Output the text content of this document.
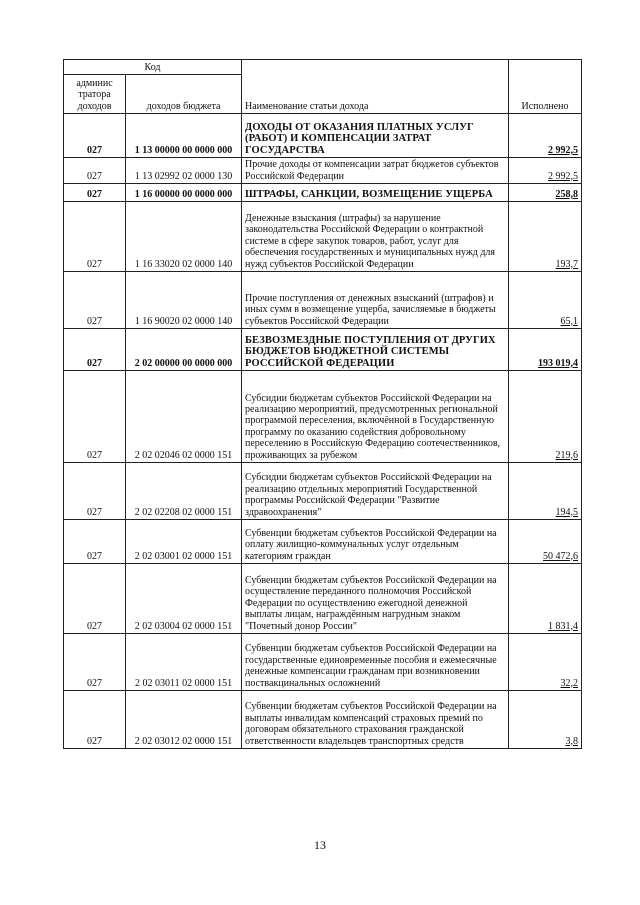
Код		Наименование статьи дохода	Исполнено
админис
тратора
доходов	доходов бюджета		
027	1 13 00000 00 0000 000	ДОХОДЫ ОТ ОКАЗАНИЯ ПЛАТНЫХ УСЛУГ (РАБОТ) И КОМПЕНСАЦИИ ЗАТРАТ ГОСУДАРСТВА	2 992,5
027	1 13 02992 02 0000 130	Прочие доходы от компенсации затрат бюджетов субъектов Российской Федерации	2 992,5
027	1 16 00000 00 0000 000	ШТРАФЫ, САНКЦИИ, ВОЗМЕЩЕНИЕ УЩЕРБА	258,8
027	1 16 33020 02 0000 140	Денежные взыскания (штрафы) за нарушение законодательства Российской Федерации о контрактной системе в сфере закупок товаров, работ, услуг для обеспечения государственных и муниципальных нужд для нужд субъектов Российской Федерации	193,7
027	1 16 90020 02 0000 140	Прочие поступления от денежных взысканий (штрафов) и иных сумм в возмещение ущерба, зачисляемые в бюджеты субъектов Российской Федерации	65,1
027	2 02 00000 00 0000 000	БЕЗВОЗМЕЗДНЫЕ ПОСТУПЛЕНИЯ ОТ ДРУГИХ БЮДЖЕТОВ БЮДЖЕТНОЙ СИСТЕМЫ РОССИЙСКОЙ ФЕДЕРАЦИИ	193 019,4
027	2 02 02046 02 0000 151	Субсидии бюджетам субъектов Российской Федерации на реализацию мероприятий, предусмотренных региональной программой переселения, включённой в Государственную программу по оказанию содействия добровольному переселению в Российскую Федерацию соотечественников, проживающих за рубежом	219,6
027	2 02 02208 02 0000 151	Субсидии бюджетам субъектов Российской Федерации на реализацию отдельных мероприятий Государственной программы Российской Федерации "Развитие здравоохранения"	194,5
027	2 02 03001 02 0000 151	Субвенции бюджетам субъектов Российской Федерации на оплату жилищно-коммунальных услуг отдельным категориям граждан	50 472,6
027	2 02 03004 02 0000 151	Субвенции бюджетам субъектов Российской Федерации на осуществление переданного полномочия Российской Федерации по осуществлению ежегодной денежной выплаты лицам, награждённым нагрудным знаком "Почетный донор России"	1 831,4
027	2 02 03011 02 0000 151	Субвенции бюджетам субъектов Российской Федерации на государственные единовременные пособия и ежемесячные денежные компенсации гражданам при возникновении поствакцинальных осложнений	32,2
027	2 02 03012 02 0000 151	Субвенции бюджетам субъектов Российской Федерации на выплаты инвалидам компенсаций страховых премий по договорам обязательного страхования гражданской ответственности владельцев транспортных средств	3,8
13
